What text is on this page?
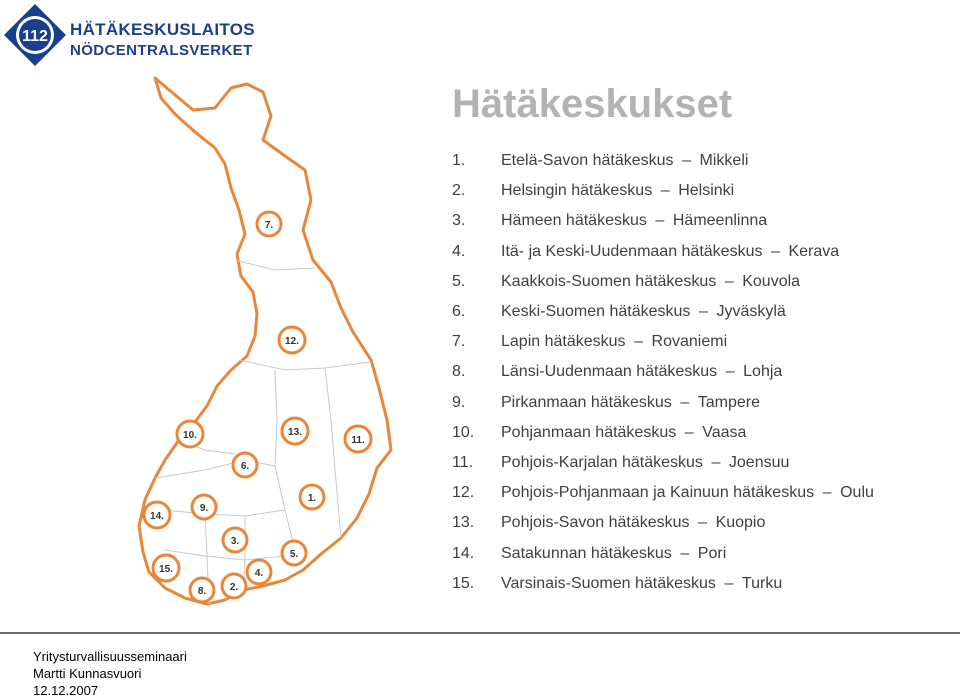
112 HÄTÄKESKUSLAITOS
NÖDCENTRALSVERKET
7.
12.
10.	13.
11.
6.
1.
14.
9.
3.
5.
15.	4.
8. 2.
Hätäkeskukset
1.	Etelä-Savon hätäkeskus – Mikkeli
2.	Helsingin hätäkeskus – Helsinki
3.	Hämeen hätäkeskus – Hämeenlinna
4.	Itä- ja Keski-Uudenmaan hätäkeskus – Kerava
5.	Kaakkois-Suomen hätäkeskus – Kouvola
6.	Keski-Suomen hätäkeskus – Jyväskylä
7.	Lapin hätäkeskus – Rovaniemi
8.	Länsi-Uudenmaan hätäkeskus – Lohja
9.	Pirkanmaan hätäkeskus – Tampere
10.	Pohjanmaan hätäkeskus – Vaasa
11.	Pohjois-Karjalan hätäkeskus – Joensuu
12.	Pohjois-Pohjanmaan ja Kainuun hätäkeskus – Oulu
13.	Pohjois-Savon hätäkeskus – Kuopio
14.	Satakunnan hätäkeskus – Pori
15.	Varsinais-Suomen hätäkeskus – Turku
Yritysturvallisuusseminaari
Martti Kunnasvuori
12.12.2007
